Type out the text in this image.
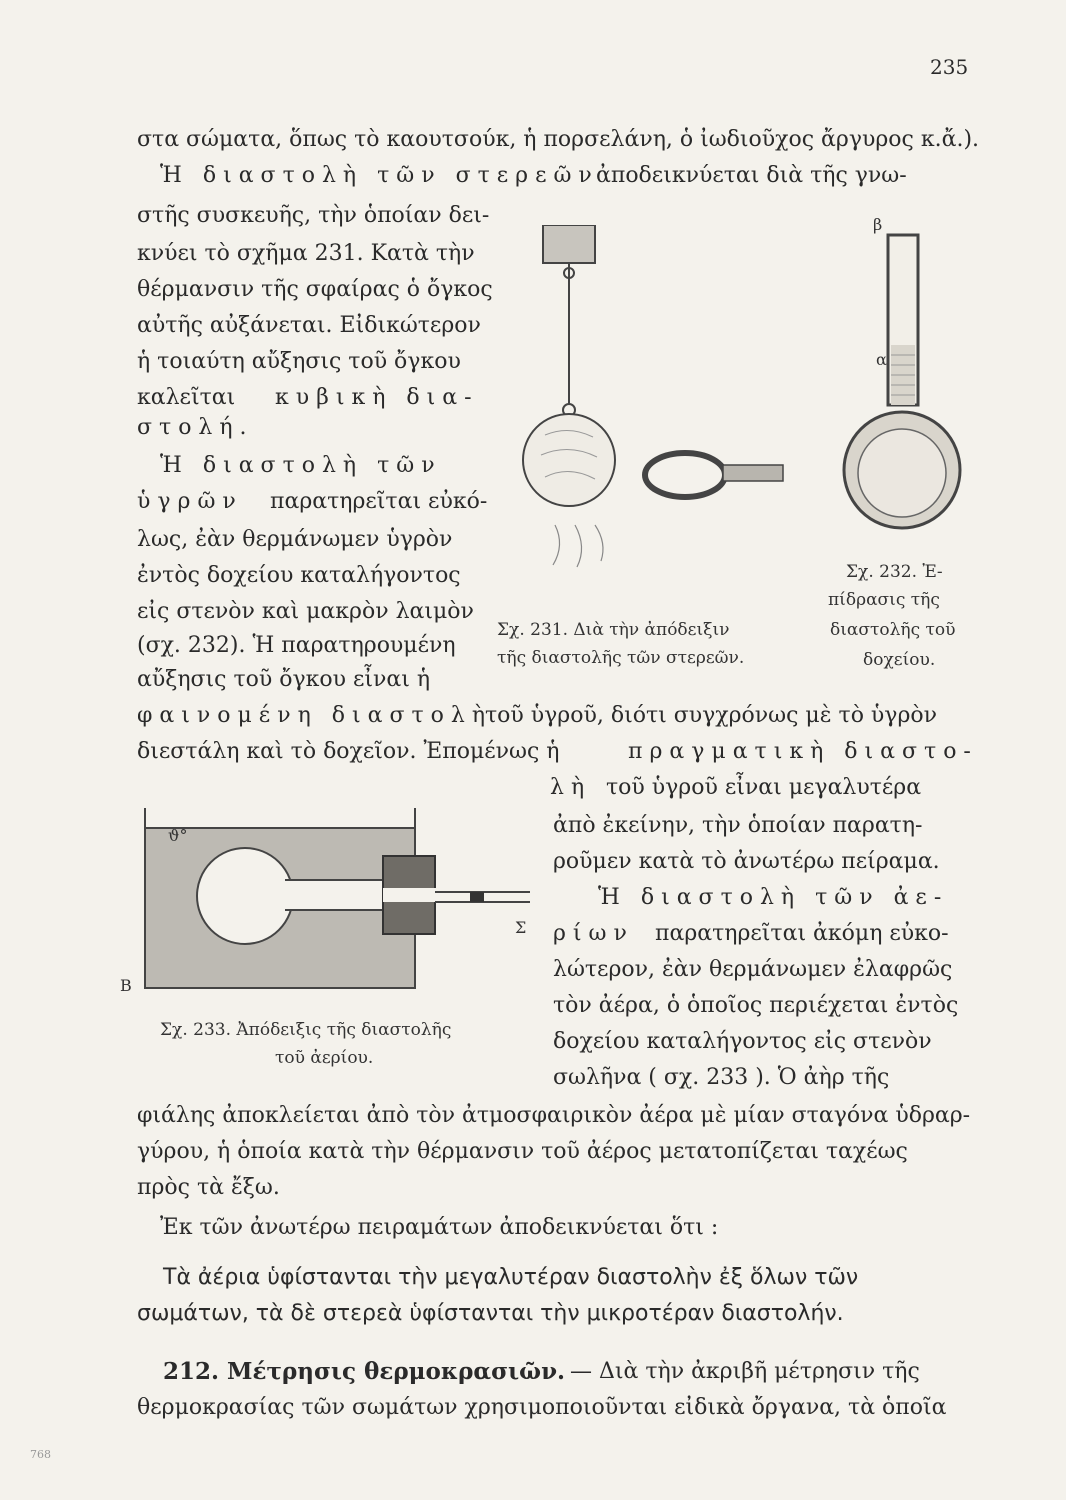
235
στα σώματα, ὅπως τὸ καουτσούκ, ἡ πορσελάνη, ὁ ἰωδιοῦχος ἄργυρος κ.ἄ.).
Ἡ διαστολὴ τῶν στερεῶν
ἀποδεικνύεται διὰ τῆς γνω-
στῆς συσκευῆς, τὴν ὁποίαν δει-
κνύει τὸ σχῆμα 231. Κατὰ τὴν
θέρμανσιν τῆς σφαίρας ὁ ὄγκος
αὐτῆς αὐξάνεται. Εἰδικώτερον
ἡ τοιαύτη αὔξησις τοῦ ὄγκου
καλεῖται κυβικὴ δια-
στολή.
Ἡ διαστολὴ τῶν
ὑγρῶν παρατηρεῖται εὐκό-
λως, ἐὰν θερμάνωμεν ὑγρὸν
ἐντὸς δοχείου καταλήγοντος
εἰς στενὸν καὶ μακρὸν λαιμὸν
(σχ. 232). Ἡ παρατηρουμένη
αὔξησις τοῦ ὄγκου εἶναι ἡ
φαινομένη διαστολὴ
τοῦ ὑγροῦ, διότι συγχρόνως μὲ τὸ ὑγρὸν
διεστάλη καὶ τὸ δοχεῖον. Ἐπομένως ἡ	πραγματικὴ διαστο-
λὴ τοῦ ὑγροῦ εἶναι μεγαλυτέρα
ἀπὸ ἐκείνην, τὴν ὁποίαν παρατη-
ροῦμεν κατὰ τὸ ἀνωτέρω πείραμα.
Ἡ διαστολὴ τῶν ἀε-
ρίων παρατηρεῖται ἀκόμη εὐκο-
λώτερον, ἐὰν θερμάνωμεν ἐλαφρῶς
τὸν ἀέρα, ὁ ὁποῖος περιέχεται ἐντὸς
δοχείου καταλήγοντος εἰς στενὸν
σωλῆνα ( σχ. 233 ). Ὁ ἀὴρ τῆς
φιάλης ἀποκλείεται ἀπὸ τὸν ἀτμοσφαιρικὸν ἀέρα μὲ μίαν σταγόνα ὑδραρ-
γύρου, ἡ ὁποία κατὰ τὴν θέρμανσιν τοῦ ἀέρος μετατοπίζεται ταχέως
πρὸς τὰ ἔξω.
Ἐκ τῶν ἀνωτέρω πειραμάτων ἀποδεικνύεται ὅτι :
Τὰ ἀέρια ὑφίστανται τὴν μεγαλυτέραν διαστολὴν ἐξ ὅλων τῶν
σωμάτων, τὰ δὲ στερεὰ ὑφίστανται τὴν μικροτέραν διαστολήν.
212. Μέτρησις θερμοκρασιῶν. — Διὰ τὴν ἀκριβῆ μέτρησιν τῆς
θερμοκρασίας τῶν σωμάτων χρησιμοποιοῦνται εἰδικὰ ὄργανα, τὰ ὁποῖα
β
α
Σχ. 231. Διὰ τὴν ἀπόδειξιν
τῆς διαστολῆς τῶν στερεῶν.
Σχ. 232. Ἐ-
πίδρασις τῆς
διαστολῆς τοῦ
δοχείου.
ϑ°
Β
Σ
Σχ. 233. Ἀπόδειξις τῆς διαστολῆς
τοῦ ἀερίου.
768
